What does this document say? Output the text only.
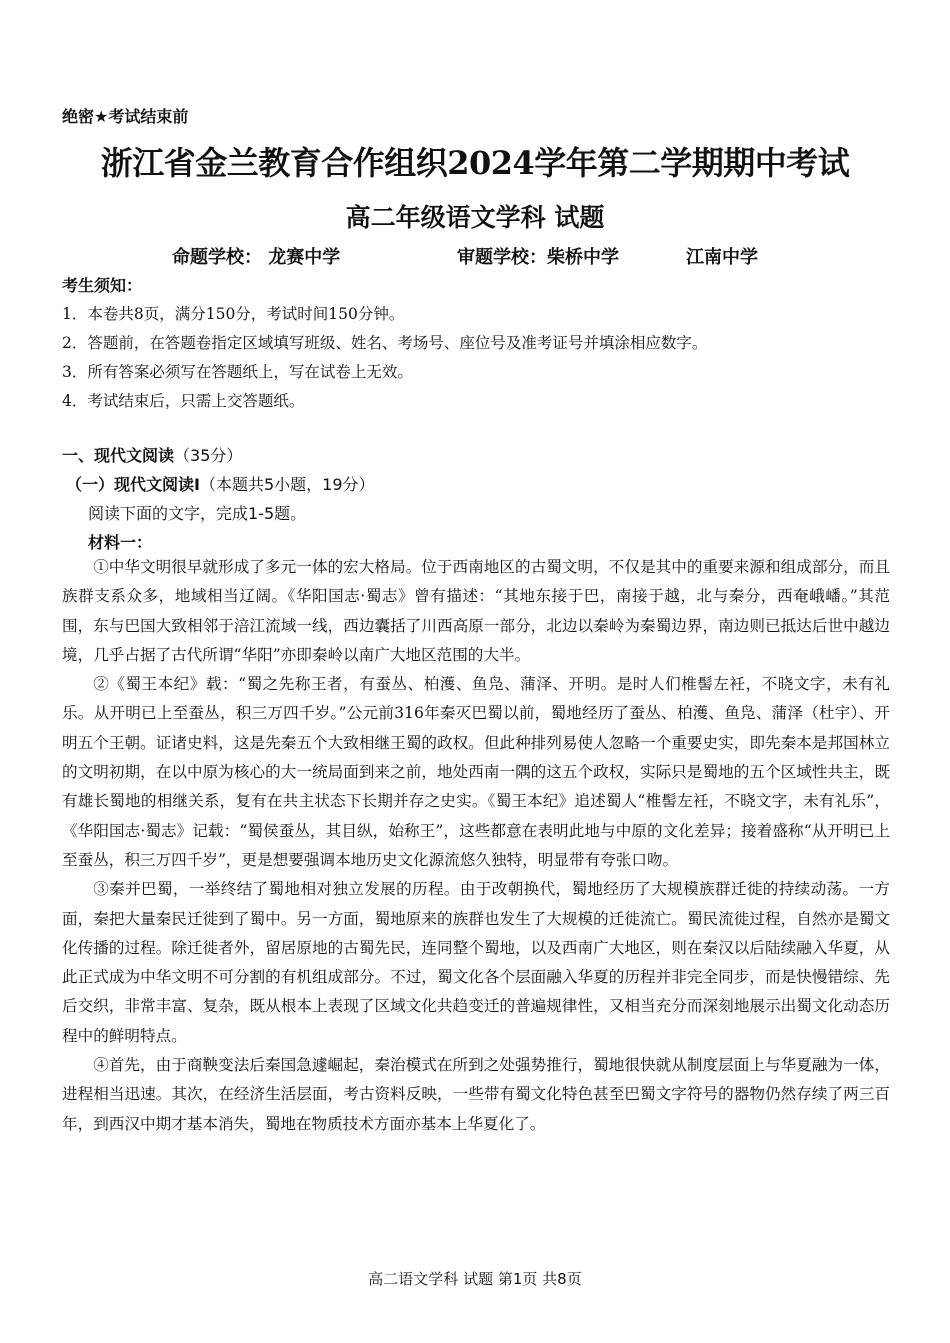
绝密★考试结束前
浙江省金兰教育合作组织2024学年第二学期期中考试
高二年级语文学科 试题
命题学校： 龙赛中学	审题学校：柴桥中学	江南中学
考生须知：
1．本卷共8页，满分150分，考试时间150分钟。
2．答题前，在答题卷指定区域填写班级、姓名、考场号、座位号及准考证号并填涂相应数字。
3．所有答案必须写在答题纸上，写在试卷上无效。
4．考试结束后，只需上交答题纸。
一、现代文阅读（35分）
（一）现代文阅读Ⅰ（本题共5小题，19分）
阅读下面的文字，完成1-5题。
材料一：

①中华文明很早就形成了多元一体的宏大格局。位于西南地区的古蜀文明，不仅是其中的重要来源和组成部分，而且族群支系众多，地域相当辽阔。《华阳国志·蜀志》曾有描述：“其地东接于巴，南接于越，北与秦分，西奄峨嶓。”其范围，东与巴国大致相邻于涪江流域一线，西边囊括了川西高原一部分，北边以秦岭为秦蜀边界，南边则已抵达后世中越边境，几乎占据了古代所谓“华阳”亦即秦岭以南广大地区范围的大半。

②《蜀王本纪》载：“蜀之先称王者，有蚕丛、柏濩、鱼凫、蒲泽、开明。是时人们椎髻左衽，不晓文字，未有礼乐。从开明已上至蚕丛，积三万四千岁。”公元前316年秦灭巴蜀以前，蜀地经历了蚕丛、柏濩、鱼凫、蒲泽（杜宇）、开明五个王朝。证诸史料，这是先秦五个大致相继王蜀的政权。但此种排列易使人忽略一个重要史实，即先秦本是邦国林立的文明初期，在以中原为核心的大一统局面到来之前，地处西南一隅的这五个政权，实际只是蜀地的五个区域性共主，既有雄长蜀地的相继关系，复有在共主状态下长期并存之史实。《蜀王本纪》追述蜀人“椎髻左衽，不晓文字，未有礼乐”，《华阳国志·蜀志》记载：“蜀侯蚕丛，其目纵，始称王”，这些都意在表明此地与中原的文化差异；接着盛称“从开明已上至蚕丛，积三万四千岁”，更是想要强调本地历史文化源流悠久独特，明显带有夸张口吻。

③秦并巴蜀，一举终结了蜀地相对独立发展的历程。由于改朝换代，蜀地经历了大规模族群迁徙的持续动荡。一方面，秦把大量秦民迁徙到了蜀中。另一方面，蜀地原来的族群也发生了大规模的迁徙流亡。蜀民流徙过程，自然亦是蜀文化传播的过程。除迁徙者外，留居原地的古蜀先民，连同整个蜀地，以及西南广大地区，则在秦汉以后陆续融入华夏，从此正式成为中华文明不可分割的有机组成部分。不过，蜀文化各个层面融入华夏的历程并非完全同步，而是快慢错综、先后交织，非常丰富、复杂，既从根本上表现了区域文化共趋变迁的普遍规律性，又相当充分而深刻地展示出蜀文化动态历程中的鲜明特点。

④首先，由于商鞅变法后秦国急遽崛起，秦治模式在所到之处强势推行，蜀地很快就从制度层面上与华夏融为一体，进程相当迅速。其次，在经济生活层面，考古资料反映，一些带有蜀文化特色甚至巴蜀文字符号的器物仍然存续了两三百年，到西汉中期才基本消失，蜀地在物质技术方面亦基本上华夏化了。

高二语文学科 试题 第1页 共8页
